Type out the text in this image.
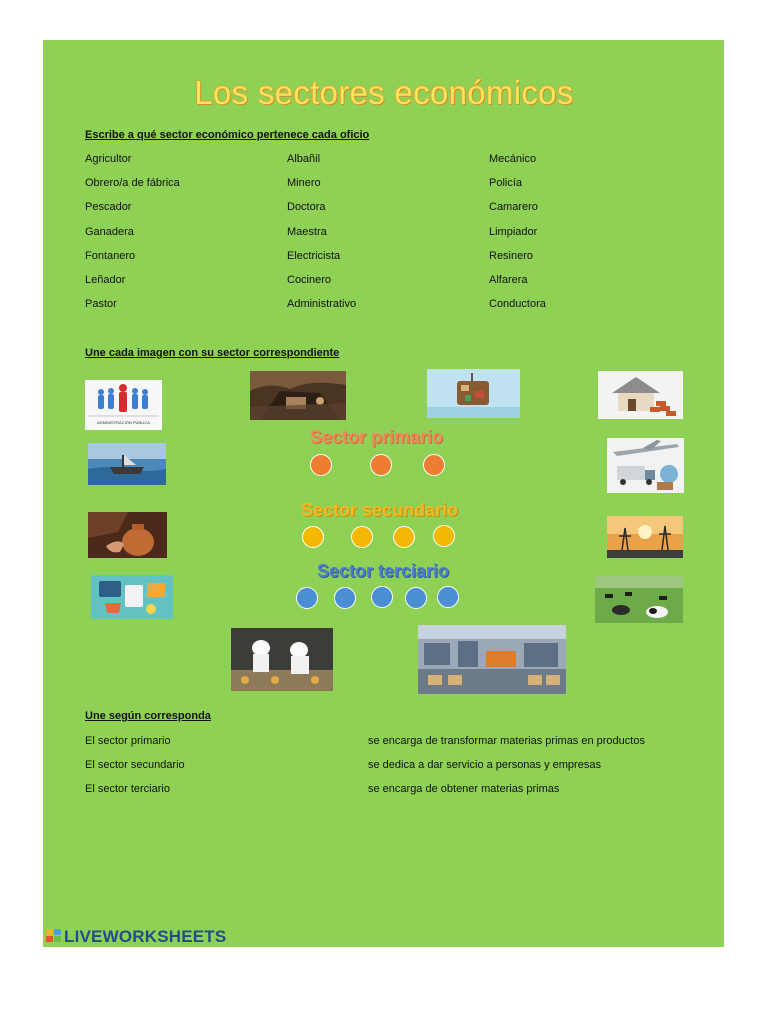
Los sectores económicos
Escribe a qué sector económico pertenece cada oficio
Agricultor
Obrero/a de fábrica
Pescador
Ganadera
Fontanero
Leñador
Pastor
Albañil
Minero
Doctora
Maestra
Electricista
Cocinero
Administrativo
Mecánico
Policía
Camarero
Limpiador
Resinero
Alfarera
Conductora
Une cada imagen con su sector correspondiente
ADMINISTRACIÓN PÚBLICA
Sector primario
Sector secundario
Sector terciario
Une según corresponda
El sector primario
El sector secundario
El sector terciario
se encarga de transformar materias primas en productos
se dedica a dar servicio a personas y empresas
se encarga de obtener materias primas
LIVEWORKSHEETS
